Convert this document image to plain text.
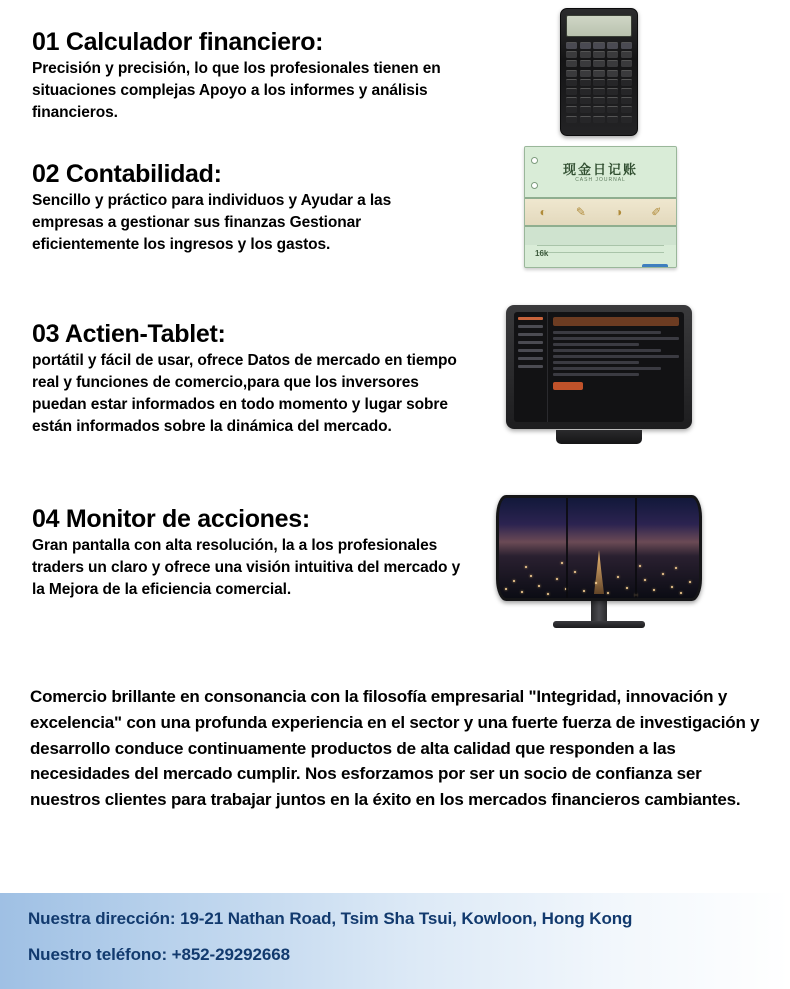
01 Calculador financiero:
Precisión y precisión, lo que los profesionales tienen en situaciones complejas Apoyo a los informes y análisis financieros.
02 Contabilidad:
Sencillo y práctico para individuos y Ayudar a las empresas a gestionar sus finanzas Gestionar eficientemente los ingresos y los gastos.
现金日记账
CASH JOURNAL
◐ ✎ ◑ ✐
16k
03 Actien-Tablet:
portátil y fácil de usar, ofrece Datos de mercado en tiempo real y funciones de comercio,para que los inversores puedan estar informados en todo momento y lugar sobre están informados sobre la dinámica del mercado.
04 Monitor de acciones:
Gran pantalla con alta resolución, la a los profesionales traders un claro y ofrece una visión intuitiva del mercado y la Mejora de la eficiencia comercial.
Comercio brillante en consonancia con la filosofía empresarial "Integridad, innovación y excelencia" con una profunda experiencia en el sector y una fuerte fuerza de investigación y desarrollo conduce continuamente productos de alta calidad que responden a las necesidades del mercado cumplir. Nos esforzamos por ser un socio de confianza ser nuestros clientes para trabajar juntos en la éxito en los mercados financieros cambiantes.
Nuestra dirección: 19-21 Nathan Road, Tsim Sha Tsui, Kowloon, Hong Kong
Nuestro teléfono: +852-29292668
